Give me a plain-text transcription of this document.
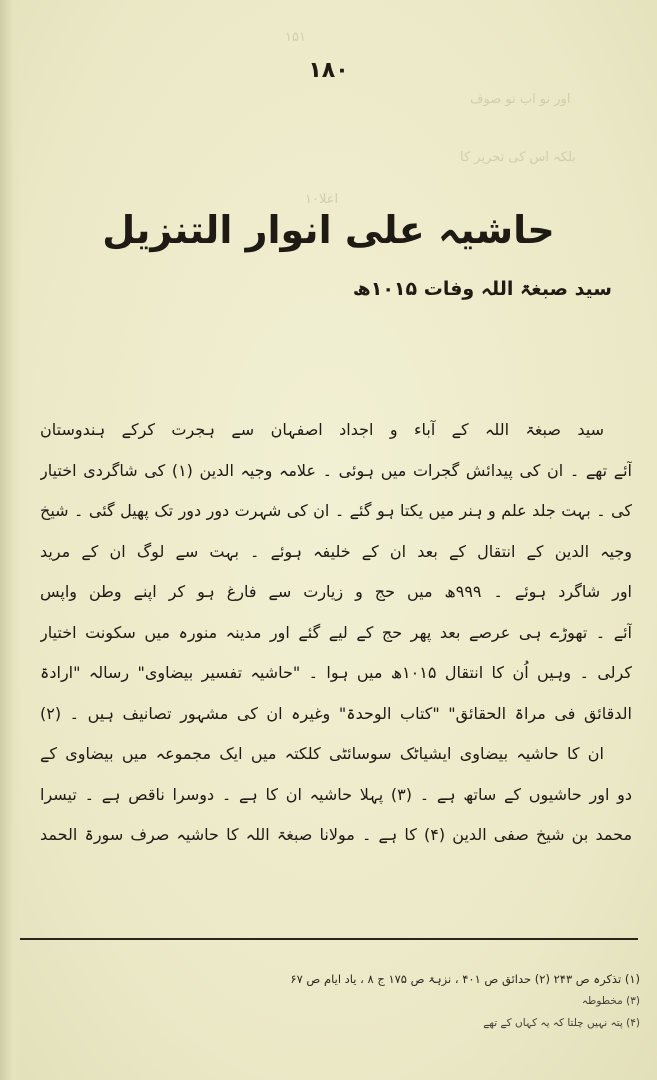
۱۵۱
اور نو اب تو صوف
بلکہ اس کی تحریر کا
اعلا۱۰
۱۸۰
حاشیہ علی انوار التنزیل
سید صبغۃ اللہ وفات ۱۰۱۵ھ
سید صبغۃ اللہ کے آباء و اجداد اصفہان سے ہجرت کرکے ہندوستان
آئے تھے ۔ ان کی پیدائش گجرات میں ہوئی ۔ علامہ وجیہ الدین (۱) کی شاگردی اختیار
کی ۔ بہت جلد علم و ہنر میں یکتا ہو گئے ۔ ان کی شہرت دور دور تک پھیل گئی ۔ شیخ
وجیہ الدین کے انتقال کے بعد ان کے خلیفہ ہوئے ۔ بہت سے لوگ ان کے مرید
اور شاگرد ہوئے ۔ ۹۹۹ھ میں حج و زیارت سے فارغ ہو کر اپنے وطن واپس
آئے ۔ تھوڑے ہی عرصے بعد پھر حج کے لیے گئے اور مدینہ منورہ میں سکونت اختیار
کرلی ۔ وہیں اُن کا انتقال ۱۰۱۵ھ میں ہوا ۔ "حاشیہ تفسیر بیضاوی" رسالہ "ارادۃ
الدقائق فی مراۃ الحقائق" "کتاب الوحدۃ" وغیرہ ان کی مشہور تصانیف ہیں ۔ (۲)
ان کا حاشیہ بیضاوی ایشیاٹک سوسائٹی کلکتہ میں ایک مجموعہ میں بیضاوی کے
دو اور حاشیوں کے ساتھ ہے ۔ (۳) پہلا حاشیہ ان کا ہے ۔ دوسرا ناقص ہے ۔ تیسرا
محمد بن شیخ صفی الدین (۴) کا ہے ۔ مولانا صبغۃ اللہ کا حاشیہ صرف سورۃ الحمد
(۱) تذکرہ ص ۲۴۳ (۲) حدائق ص ۴۰۱ ، نزہۃ ص ۱۷۵ ج ۸ ، یاد ایام ص ۶۷
(۳) مخطوطہ
(۴) پتہ نہیں چلتا کہ یہ کہاں کے تھے
